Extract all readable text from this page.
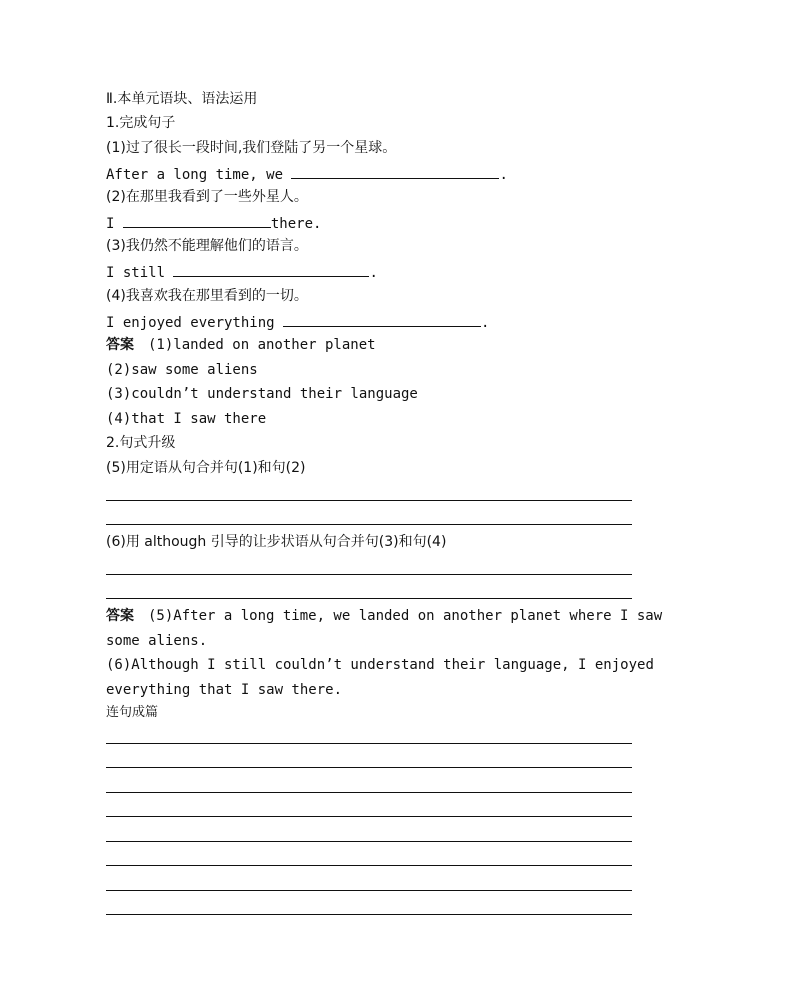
Ⅱ.本单元语块、语法运用
1.完成句子
(1)过了很长一段时间,我们登陆了另一个星球。
After a long time, we	.
(2)在那里我看到了一些外星人。
I	there.
(3)我仍然不能理解他们的语言。
I still	.
(4)我喜欢我在那里看到的一切。
I enjoyed everything	.
答案 (1)landed on another planet
(2)saw some aliens
(3)couldn’t understand their language
(4)that I saw there
2.句式升级
(5)用定语从句合并句(1)和句(2)
(6)用 although 引导的让步状语从句合并句(3)和句(4)
答案 (5)After a long time, we landed on another planet where I saw
some aliens.
(6)Although I still couldn’t understand their language, I enjoyed
everything that I saw there.
连句成篇
